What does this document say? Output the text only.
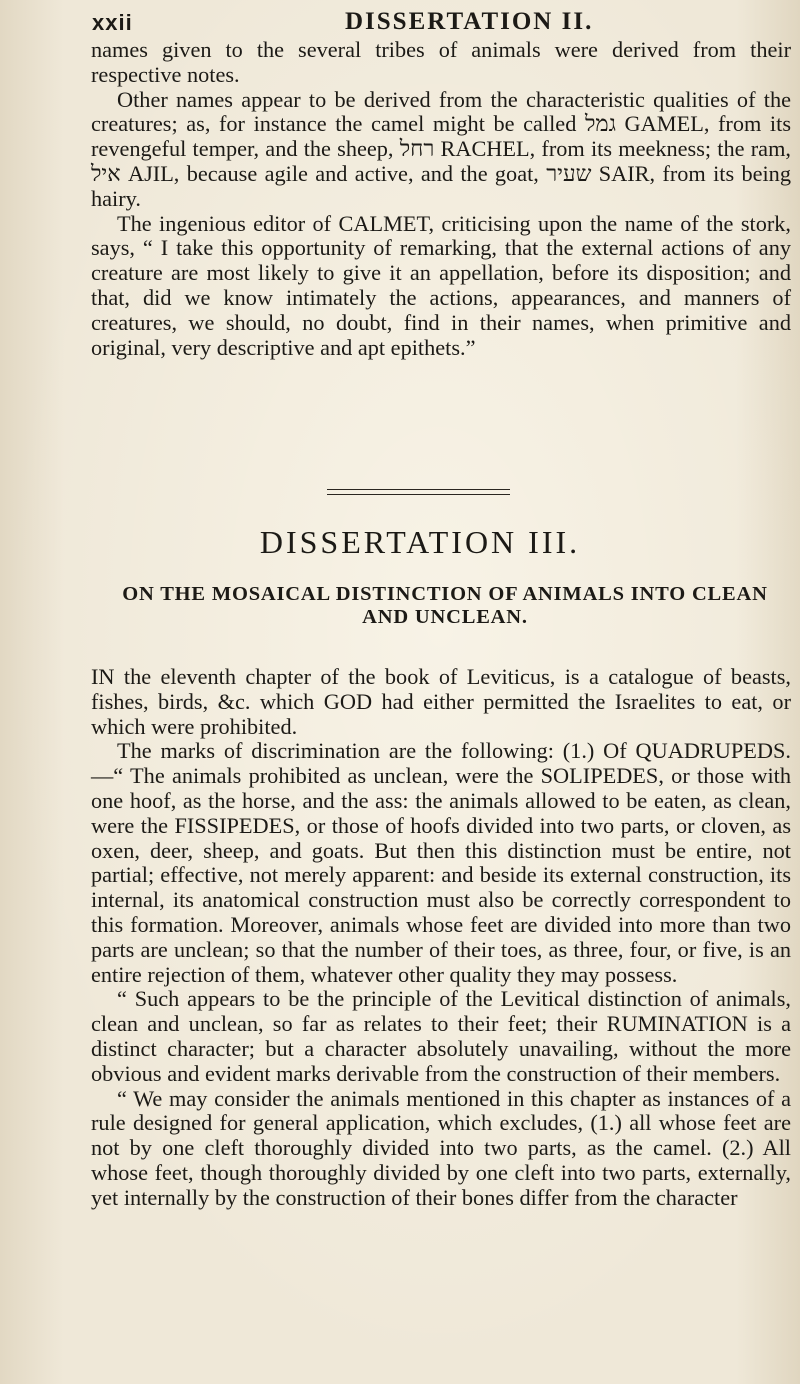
xxii	DISSERTATION II.

names given to the several tribes of animals were derived from their respective notes.

Other names appear to be derived from the characteristic qualities of the creatures; as, for instance the camel might be called גמל GAMEL, from its revengeful temper, and the sheep, רחל RACHEL, from its meekness; the ram, איל AJIL, because agile and active, and the goat, שעיר SAIR, from its being hairy.

The ingenious editor of CALMET, criticising upon the name of the stork, says, “ I take this opportunity of remarking, that the external actions of any creature are most likely to give it an appellation, before its disposition; and that, did we know intimately the actions, appearances, and manners of creatures, we should, no doubt, find in their names, when primitive and original, very descriptive and apt epithets.”

DISSERTATION III.
ON THE MOSAICAL DISTINCTION OF ANIMALS INTO CLEAN AND UNCLEAN.

IN the eleventh chapter of the book of Leviticus, is a catalogue of beasts, fishes, birds, &c. which GOD had either permitted the Israelites to eat, or which were prohibited.

The marks of discrimination are the following: (1.) Of QUADRUPEDS.—“ The animals prohibited as unclean, were the SOLIPEDES, or those with one hoof, as the horse, and the ass: the animals allowed to be eaten, as clean, were the FISSIPEDES, or those of hoofs divided into two parts, or cloven, as oxen, deer, sheep, and goats. But then this distinction must be entire, not partial; effective, not merely apparent: and beside its external construction, its internal, its anatomical construction must also be correctly correspondent to this formation. Moreover, animals whose feet are divided into more than two parts are unclean; so that the number of their toes, as three, four, or five, is an entire rejection of them, whatever other quality they may possess.

“ Such appears to be the principle of the Levitical distinction of animals, clean and unclean, so far as relates to their feet; their RUMINATION is a distinct character; but a character absolutely unavailing, without the more obvious and evident marks derivable from the construction of their members.

“ We may consider the animals mentioned in this chapter as instances of a rule designed for general application, which excludes, (1.) all whose feet are not by one cleft thoroughly divided into two parts, as the camel. (2.) All whose feet, though thoroughly divided by one cleft into two parts, externally, yet internally by the construction of their bones differ from the character
